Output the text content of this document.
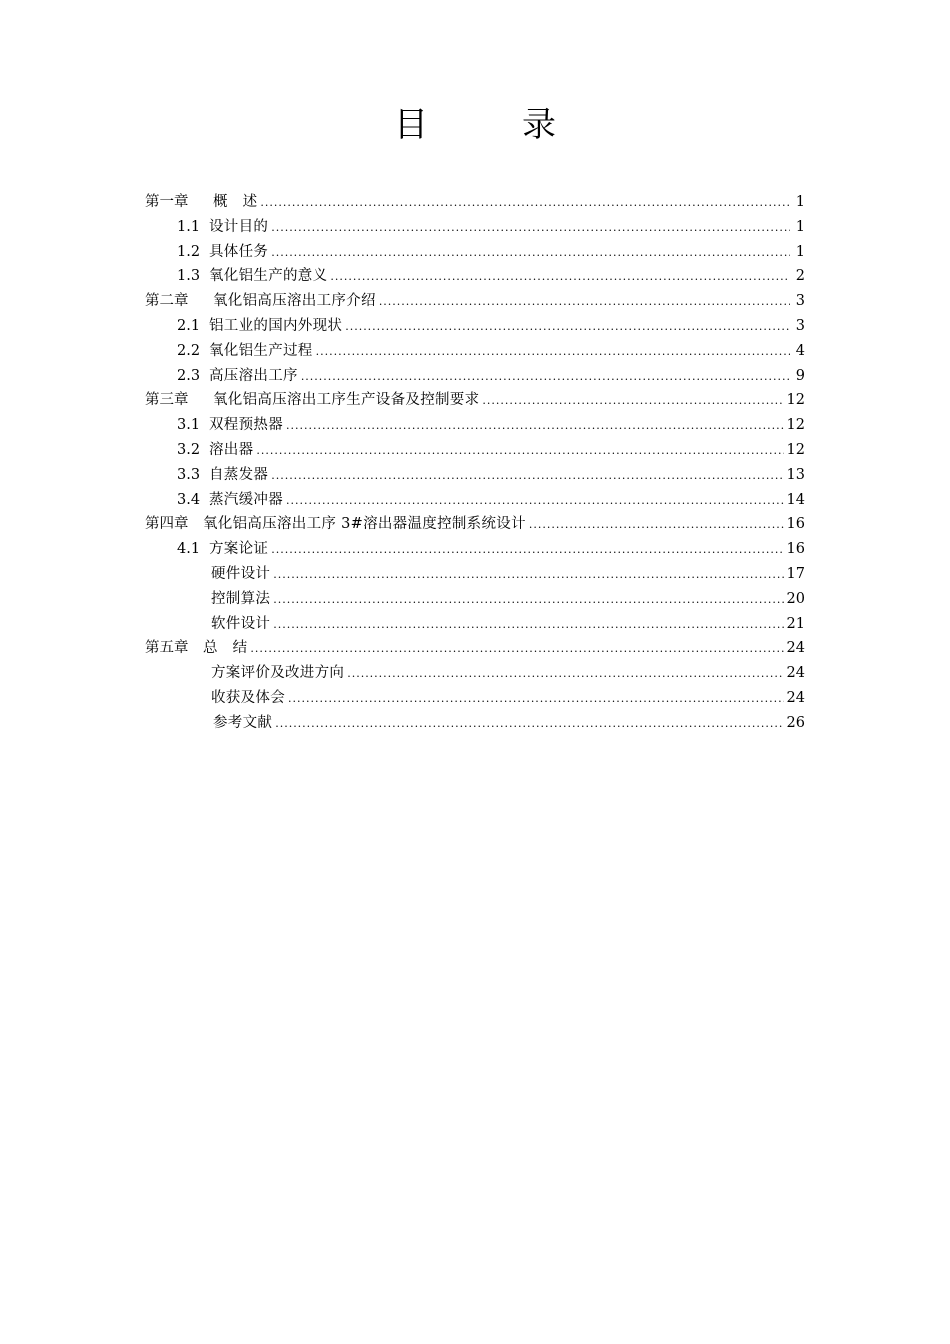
目　录
第一章	概　述 .....	1
1.1 设计目的 .....	1
1.2 具体任务 .....	1
1.3 氧化铝生产的意义 .....	2
第二章	氧化铝高压溶出工序介绍 .....	3
2.1 铝工业的国内外现状 .....	3
2.2 氧化铝生产过程 .....	4
2.3 高压溶出工序 .....	9
第三章	氧化铝高压溶出工序生产设备及控制要求 .....	12
3.1 双程预热器 .....	12
3.2 溶出器 .....	12
3.3 自蒸发器 .....	13
3.4 蒸汽缓冲器 .....	14
第四章	氧化铝高压溶出工序 3#溶出器温度控制系统设计 .....	16
4.1 方案论证 .....	16
硬件设计 .....	17
控制算法 .....	20
软件设计 .....	21
第五章	总　结 .....	24
方案评价及改进方向 .....	24
收获及体会 .....	24
参考文献 .....	26
